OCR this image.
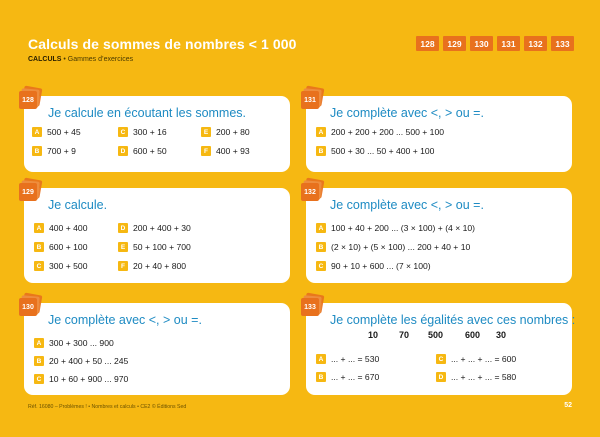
Calculs de sommes de nombres < 1 000
CALCULS • Gammes d’exercices
128	129	130	131	132	133
128
Je calcule en écoutant les sommes.
A 500 + 45
B 700 + 9
C 300 + 16
D 600 + 50
E 200 + 80
F 400 + 93
131
Je complète avec <, > ou =.
A 200 + 200 + 200 ... 500 + 100
B 500 + 30 ... 50 + 400 + 100
129
Je calcule.
A 400 + 400
B 600 + 100
C 300 + 500
D 200 + 400 + 30
E 50 + 100 + 700
F 20 + 40 + 800
132
Je complète avec <, > ou =.
A 100 + 40 + 200 ... (3 × 100) + (4 × 10)
B (2 × 10) + (5 × 100) ... 200 + 40 + 10
C 90 + 10 + 600 ... (7 × 100)
130
Je complète avec <, > ou =.
A 300 + 300 ... 900
B 20 + 400 + 50 ... 245
C 10 + 60 + 900 ... 970
133
Je complète les égalités avec ces nombres :
10	70	500	600	30
A ... + ... = 530
B ... + ... = 670
C ... + ... + ... = 600
D ... + ... + ... = 580
Réf. 16080 – Problèmes ! • Nombres et calculs • CE2 © Éditions Sed	52
